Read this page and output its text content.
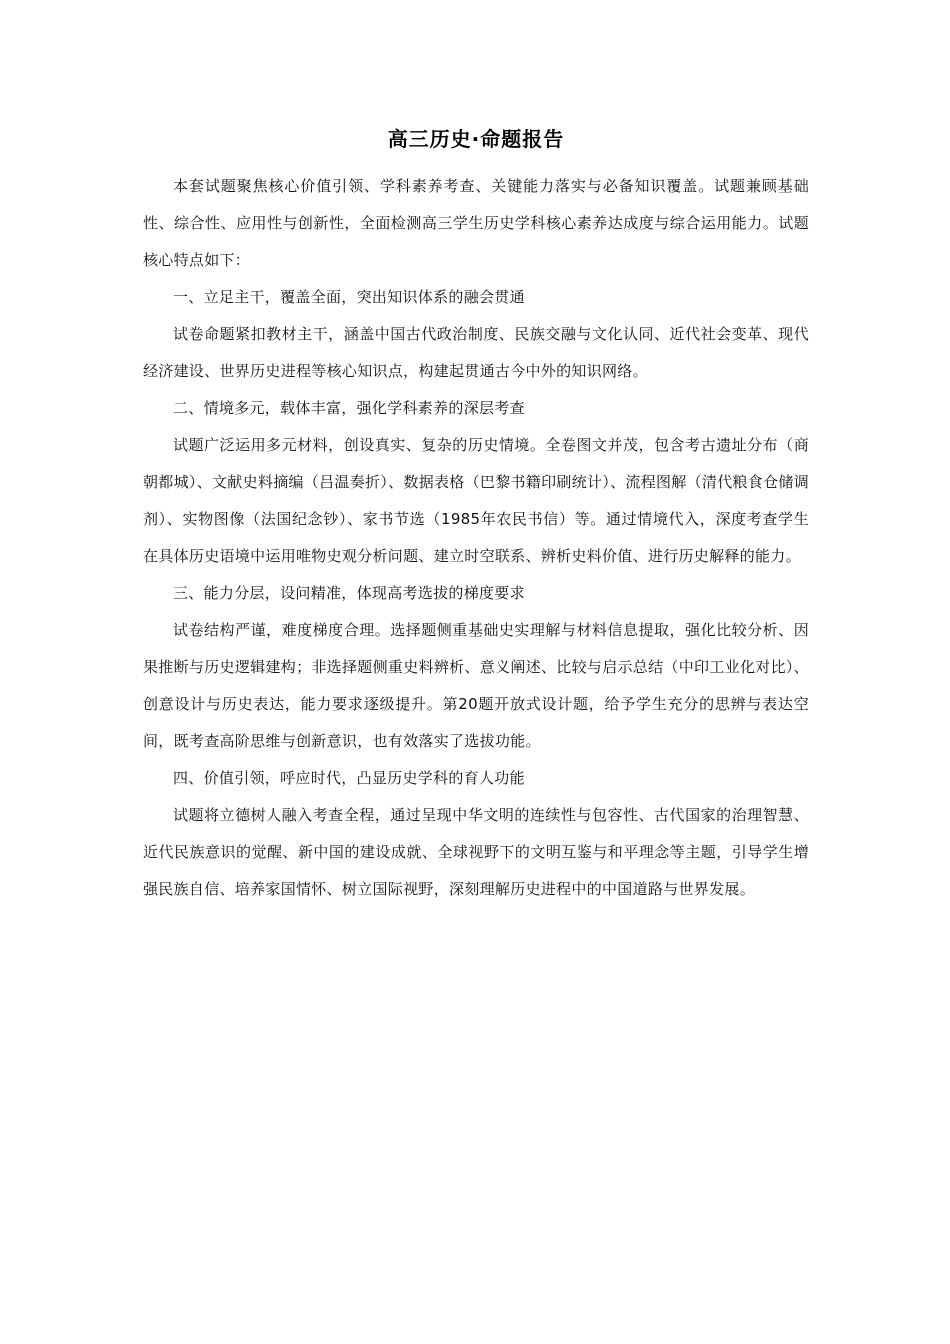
高三历史·命题报告

本套试题聚焦核心价值引领、学科素养考查、关键能力落实与必备知识覆盖。试题兼顾基础性、综合性、应用性与创新性，全面检测高三学生历史学科核心素养达成度与综合运用能力。试题核心特点如下：

一、立足主干，覆盖全面，突出知识体系的融会贯通

试卷命题紧扣教材主干，涵盖中国古代政治制度、民族交融与文化认同、近代社会变革、现代经济建设、世界历史进程等核心知识点，构建起贯通古今中外的知识网络。

二、情境多元，载体丰富，强化学科素养的深层考查

试题广泛运用多元材料，创设真实、复杂的历史情境。全卷图文并茂，包含考古遗址分布（商朝都城）、文献史料摘编（吕温奏折）、数据表格（巴黎书籍印刷统计）、流程图解（清代粮食仓储调剂）、实物图像（法国纪念钞）、家书节选（1985年农民书信）等。通过情境代入，深度考查学生在具体历史语境中运用唯物史观分析问题、建立时空联系、辨析史料价值、进行历史解释的能力。

三、能力分层，设问精准，体现高考选拔的梯度要求

试卷结构严谨，难度梯度合理。选择题侧重基础史实理解与材料信息提取，强化比较分析、因果推断与历史逻辑建构；非选择题侧重史料辨析、意义阐述、比较与启示总结（中印工业化对比）、创意设计与历史表达，能力要求逐级提升。第20题开放式设计题，给予学生充分的思辨与表达空间，既考查高阶思维与创新意识，也有效落实了选拔功能。

四、价值引领，呼应时代，凸显历史学科的育人功能

试题将立德树人融入考查全程，通过呈现中华文明的连续性与包容性、古代国家的治理智慧、近代民族意识的觉醒、新中国的建设成就、全球视野下的文明互鉴与和平理念等主题，引导学生增强民族自信、培养家国情怀、树立国际视野，深刻理解历史进程中的中国道路与世界发展。
